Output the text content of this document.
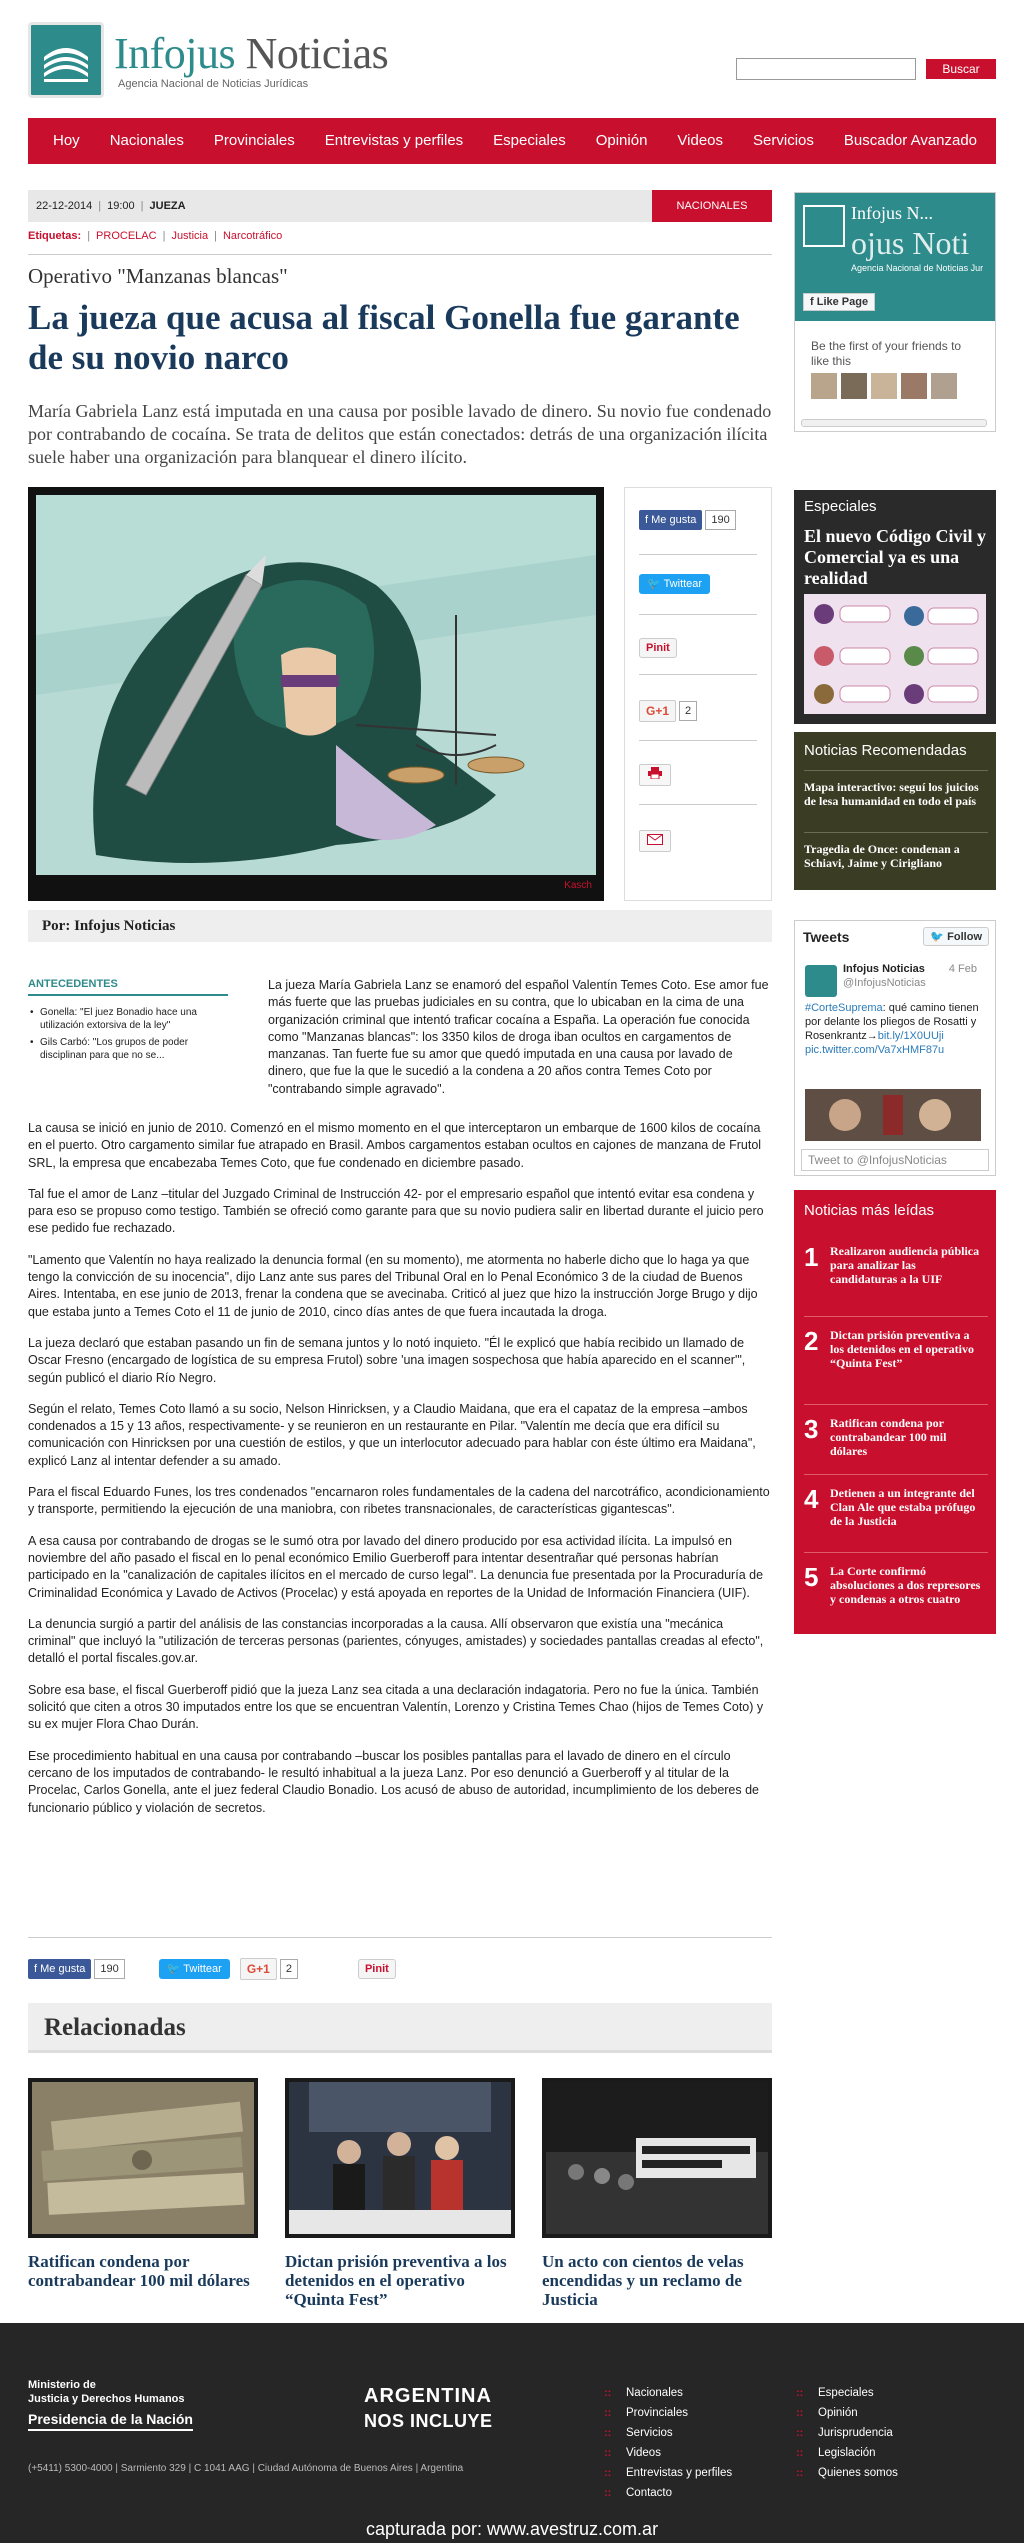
Infojus Noticias
Agencia Nacional de Noticias Jurídicas
Buscar
Hoy	Nacionales	Provinciales	Entrevistas y perfiles	Especiales	Opinión	Videos	Servicios	Buscador Avanzado
22-12-2014 | 19:00 | JUEZA	NACIONALES
Etiquetas: | PROCELAC | Justicia | Narcotráfico
Operativo "Manzanas blancas"
La jueza que acusa al fiscal Gonella fue garante de su novio narco

María Gabriela Lanz está imputada en una causa por posible lavado de dinero. Su novio fue condenado por contrabando de cocaína. Se trata de delitos que están conectados: detrás de una organización ilícita suele haber una organización para blanquear el dinero ilícito.

Kasch
f Me gusta 190
🐦 Twittear
Pinit
G+1 2
Por: Infojus Noticias
ANTECEDENTES
• Gonella: "El juez Bonadio hace una utilización extorsiva de la ley"
• Gils Carbó: "Los grupos de poder disciplinan para que no se...

La jueza María Gabriela Lanz se enamoró del español Valentín Temes Coto. Ese amor fue más fuerte que las pruebas judiciales en su contra, que lo ubicaban en la cima de una organización criminal que intentó traficar cocaína a España. La operación fue conocida como "Manzanas blancas": los 3350 kilos de droga iban ocultos en cargamentos de manzanas. Tan fuerte fue su amor que quedó imputada en una causa por lavado de dinero, que fue la que le sucedió a la condena a 20 años contra Temes Coto por "contrabando simple agravado".

La causa se inició en junio de 2010. Comenzó en el mismo momento en el que interceptaron un embarque de 1600 kilos de cocaína en el puerto. Otro cargamento similar fue atrapado en Brasil. Ambos cargamentos estaban ocultos en cajones de manzana de Frutol SRL, la empresa que encabezaba Temes Coto, que fue condenado en diciembre pasado.

Tal fue el amor de Lanz –titular del Juzgado Criminal de Instrucción 42- por el empresario español que intentó evitar esa condena y para eso se propuso como testigo. También se ofreció como garante para que su novio pudiera salir en libertad durante el juicio pero ese pedido fue rechazado.

"Lamento que Valentín no haya realizado la denuncia formal (en su momento), me atormenta no haberle dicho que lo haga ya que tengo la convicción de su inocencia", dijo Lanz ante sus pares del Tribunal Oral en lo Penal Económico 3 de la ciudad de Buenos Aires. Intentaba, en ese junio de 2013, frenar la condena que se avecinaba. Criticó al juez que hizo la instrucción Jorge Brugo y dijo que estaba junto a Temes Coto el 11 de junio de 2010, cinco días antes de que fuera incautada la droga.

La jueza declaró que estaban pasando un fin de semana juntos y lo notó inquieto. "Él le explicó que había recibido un llamado de Oscar Fresno (encargado de logística de su empresa Frutol) sobre 'una imagen sospechosa que había aparecido en el scanner'", según publicó el diario Río Negro.

Según el relato, Temes Coto llamó a su socio, Nelson Hinricksen, y a Claudio Maidana, que era el capataz de la empresa –ambos condenados a 15 y 13 años, respectivamente- y se reunieron en un restaurante en Pilar. "Valentín me decía que era difícil su comunicación con Hinricksen por una cuestión de estilos, y que un interlocutor adecuado para hablar con éste último era Maidana", explicó Lanz al intentar defender a su amado.

Para el fiscal Eduardo Funes, los tres condenados "encarnaron roles fundamentales de la cadena del narcotráfico, acondicionamiento y transporte, permitiendo la ejecución de una maniobra, con ribetes transnacionales, de características gigantescas".

A esa causa por contrabando de drogas se le sumó otra por lavado del dinero producido por esa actividad ilícita. La impulsó en noviembre del año pasado el fiscal en lo penal económico Emilio Guerberoff para intentar desentrañar qué personas habrían participado en la "canalización de capitales ilícitos en el mercado de curso legal". La denuncia fue presentada por la Procuraduría de Criminalidad Económica y Lavado de Activos (Procelac) y está apoyada en reportes de la Unidad de Información Financiera (UIF).

La denuncia surgió a partir del análisis de las constancias incorporadas a la causa. Allí observaron que existía una "mecánica criminal" que incluyó la "utilización de terceras personas (parientes, cónyuges, amistades) y sociedades pantallas creadas al efecto", detalló el portal fiscales.gov.ar.

Sobre esa base, el fiscal Guerberoff pidió que la jueza Lanz sea citada a una declaración indagatoria. Pero no fue la única. También solicitó que citen a otros 30 imputados entre los que se encuentran Valentín, Lorenzo y Cristina Temes Chao (hijos de Temes Coto) y su ex mujer Flora Chao Durán.

Ese procedimiento habitual en una causa por contrabando –buscar los posibles pantallas para el lavado de dinero en el círculo cercano de los imputados de contrabando- le resultó inhabitual a la jueza Lanz. Por eso denunció a Guerberoff y al titular de la Procelac, Carlos Gonella, ante el juez federal Claudio Bonadio. Los acusó de abuso de autoridad, incumplimiento de los deberes de funcionario público y violación de secretos.

f Me gusta 190	🐦 Twittear	G+1 2	Pinit
Relacionadas
Ratifican condena por contrabandear 100 mil dólares
Dictan prisión preventiva a los detenidos en el operativo “Quinta Fest”
Un acto con cientos de velas encendidas y un reclamo de Justicia
Infojus N...
ojus Noti
Agencia Nacional de Noticias Jur
f Like Page
Be the first of your friends to like this
Especiales
El nuevo Código Civil y Comercial ya es una realidad
Noticias Recomendadas
Mapa interactivo: seguí los juicios de lesa humanidad en todo el país
Tragedia de Once: condenan a Schiavi, Jaime y Cirigliano
Tweets	🐦 Follow
Infojus Noticias
@InfojusNoticias
4 Feb
#CorteSuprema: qué camino tienen por delante los pliegos de Rosatti y Rosenkrantz→bit.ly/1X0UUji pic.twitter.com/Va7xHMF87u
Tweet to @InfojusNoticias
Noticias más leídas
1 Realizaron audiencia pública para analizar las candidaturas a la UIF
2 Dictan prisión preventiva a los detenidos en el operativo “Quinta Fest”
3 Ratifican condena por contrabandear 100 mil dólares
4 Detienen a un integrante del Clan Ale que estaba prófugo de la Justicia
5 La Corte confirmó absoluciones a dos represores y condenas a otros cuatro
Ministerio de
Justicia y Derechos Humanos
Presidencia de la Nación
(+5411) 5300-4000 | Sarmiento 329 | C 1041 AAG | Ciudad Autónoma de Buenos Aires | Argentina
ARGENTINA
NOS INCLUYE
:: Nacionales
:: Provinciales
:: Servicios
:: Videos
:: Entrevistas y perfiles
:: Contacto
:: Especiales
:: Opinión
:: Jurisprudencia
:: Legislación
:: Quienes somos
capturada por: www.avestruz.com.ar
